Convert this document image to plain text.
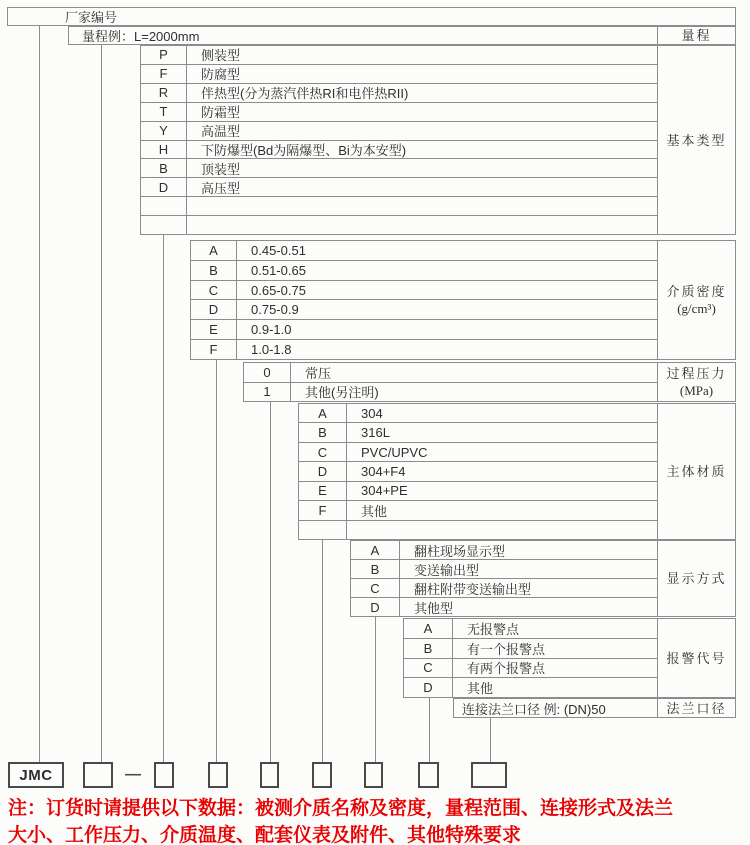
厂家编号
量程例：L=2000mm	量程
P	侧装型
F	防腐型
R	伴热型(分为蒸汽伴热RI和电伴热RII)
T	防霜型
Y	高温型
H	下防爆型(Bd为隔爆型、Bi为本安型)
B	顶装型
D	高压型
基本类型
A	0.45-0.51
B	0.51-0.65
C	0.65-0.75
D	0.75-0.9
E	0.9-1.0
F	1.0-1.8
介质密度
(g/cm³)
0	常压
1	其他(另注明)
过程压力
(MPa)
A	304
B	316L
C	PVC/UPVC
D	304+F4
E	304+PE
F	其他
主体材质
A	翻柱现场显示型
B	变送输出型
C	翻柱附带变送输出型
D	其他型
显示方式
A	无报警点
B	有一个报警点
C	有两个报警点
D	其他
报警代号
连接法兰口径 例: (DN)50	法兰口径
JMC	—
注：订货时请提供以下数据：被测介质名称及密度，量程范围、连接形式及法兰
大小、工作压力、介质温度、配套仪表及附件、其他特殊要求
